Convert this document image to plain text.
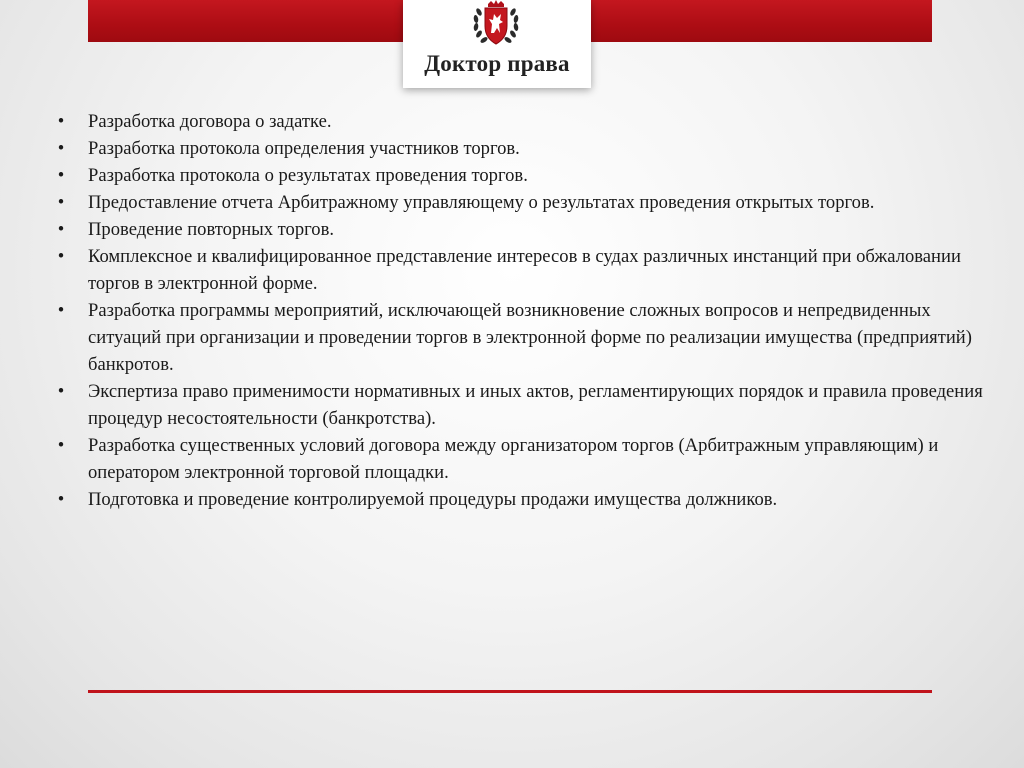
Доктор права
• Разработка договора о задатке.
• Разработка протокола определения участников торгов.
• Разработка протокола о результатах проведения торгов.
• Предоставление отчета Арбитражному управляющему о результатах проведения открытых торгов.
• Проведение повторных торгов.
• Комплексное и квалифицированное представление интересов в судах различных инстанций при обжаловании торгов в электронной форме.
• Разработка программы мероприятий, исключающей возникновение сложных вопросов и непредвиденных ситуаций при организации и проведении торгов в электронной форме по реализации имущества (предприятий) банкротов.
• Экспертиза право применимости нормативных и иных актов, регламентирующих порядок и правила проведения процедур несостоятельности (банкротства).
• Разработка существенных условий договора между организатором торгов (Арбитражным управляющим) и оператором электронной торговой площадки.
• Подготовка и проведение контролируемой процедуры продажи имущества должников.
